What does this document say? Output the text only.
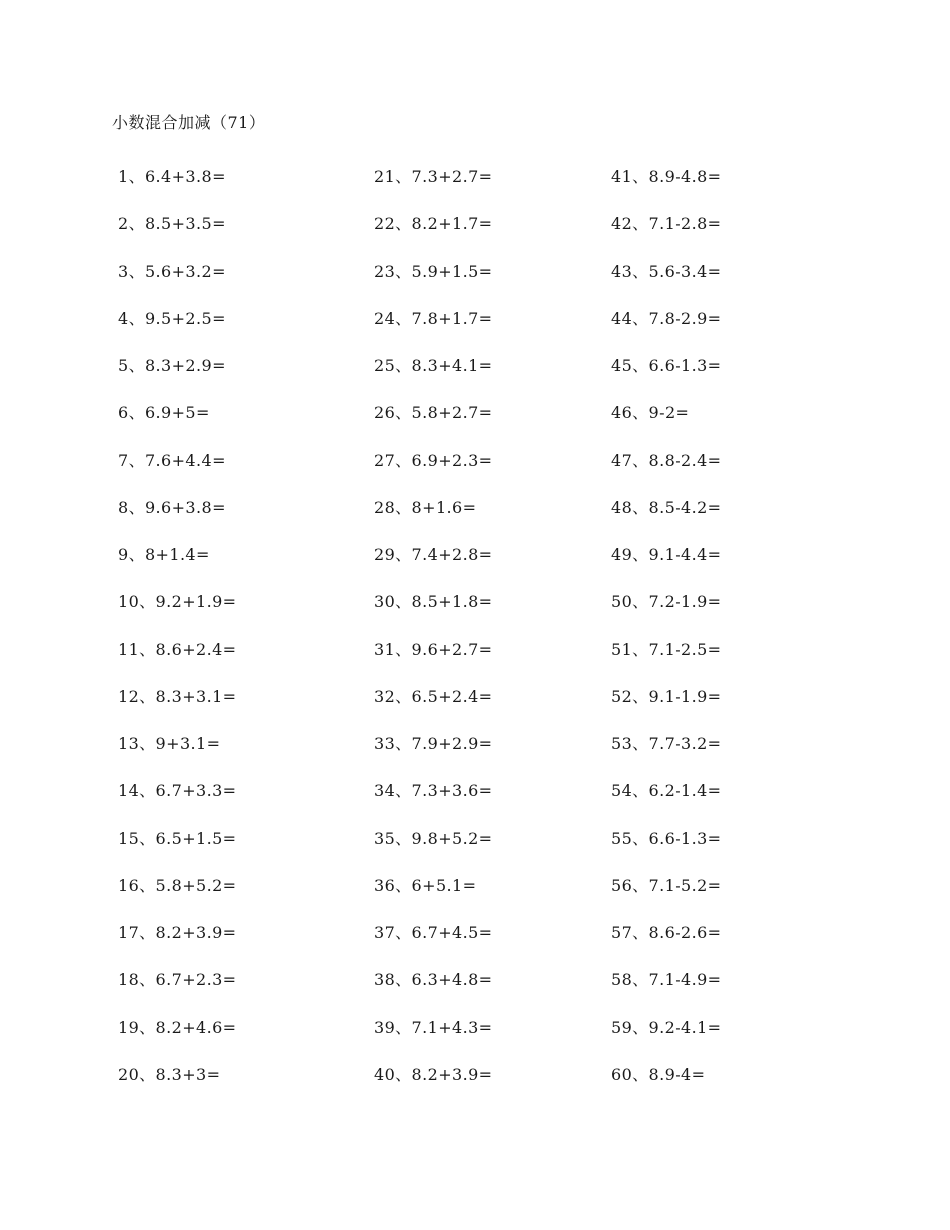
小数混合加减（71）
1、6.4+3.8=
2、8.5+3.5=
3、5.6+3.2=
4、9.5+2.5=
5、8.3+2.9=
6、6.9+5=
7、7.6+4.4=
8、9.6+3.8=
9、8+1.4=
10、9.2+1.9=
11、8.6+2.4=
12、8.3+3.1=
13、9+3.1=
14、6.7+3.3=
15、6.5+1.5=
16、5.8+5.2=
17、8.2+3.9=
18、6.7+2.3=
19、8.2+4.6=
20、8.3+3=
21、7.3+2.7=
22、8.2+1.7=
23、5.9+1.5=
24、7.8+1.7=
25、8.3+4.1=
26、5.8+2.7=
27、6.9+2.3=
28、8+1.6=
29、7.4+2.8=
30、8.5+1.8=
31、9.6+2.7=
32、6.5+2.4=
33、7.9+2.9=
34、7.3+3.6=
35、9.8+5.2=
36、6+5.1=
37、6.7+4.5=
38、6.3+4.8=
39、7.1+4.3=
40、8.2+3.9=
41、8.9-4.8=
42、7.1-2.8=
43、5.6-3.4=
44、7.8-2.9=
45、6.6-1.3=
46、9-2=
47、8.8-2.4=
48、8.5-4.2=
49、9.1-4.4=
50、7.2-1.9=
51、7.1-2.5=
52、9.1-1.9=
53、7.7-3.2=
54、6.2-1.4=
55、6.6-1.3=
56、7.1-5.2=
57、8.6-2.6=
58、7.1-4.9=
59、9.2-4.1=
60、8.9-4=
